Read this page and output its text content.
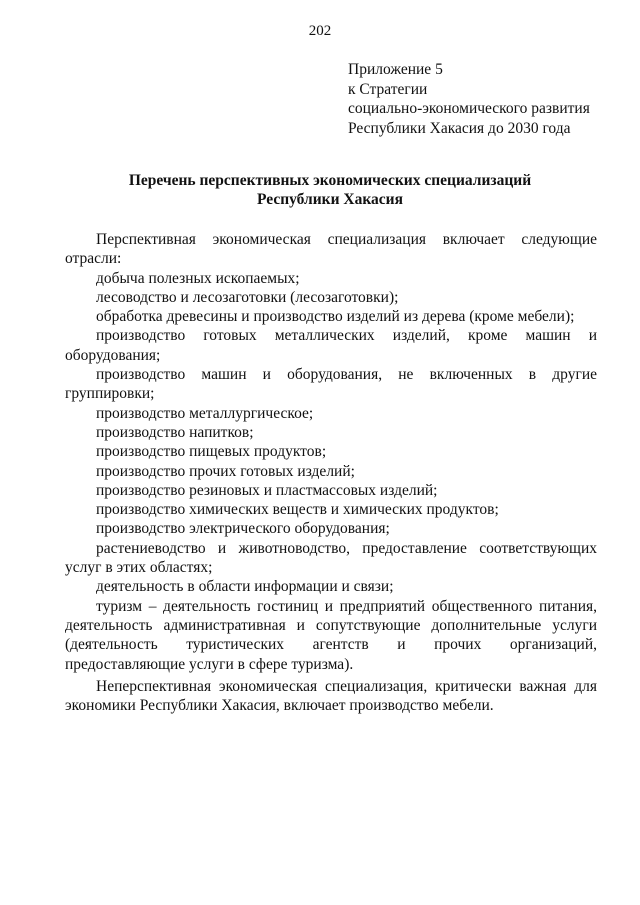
202
Приложение 5
к Стратегии
социально-экономического развития
Республики Хакасия до 2030 года
Перечень перспективных экономических специализаций
Республики Хакасия

Перспективная экономическая специализация включает следующие отрасли:

добыча полезных ископаемых;

лесоводство и лесозаготовки (лесозаготовки);

обработка древесины и производство изделий из дерева (кроме мебели);

производство готовых металлических изделий, кроме машин и оборудования;

производство машин и оборудования, не включенных в другие группировки;

производство металлургическое;

производство напитков;

производство пищевых продуктов;

производство прочих готовых изделий;

производство резиновых и пластмассовых изделий;

производство химических веществ и химических продуктов;

производство электрического оборудования;

растениеводство и животноводство, предоставление соответствующих услуг в этих областях;

деятельность в области информации и связи;

туризм – деятельность гостиниц и предприятий общественного питания, деятельность административная и сопутствующие дополнительные услуги (деятельность туристических агентств и прочих организаций, предоставляющие услуги в сфере туризма).

Неперспективная экономическая специализация, критически важная для экономики Республики Хакасия, включает производство мебели.
